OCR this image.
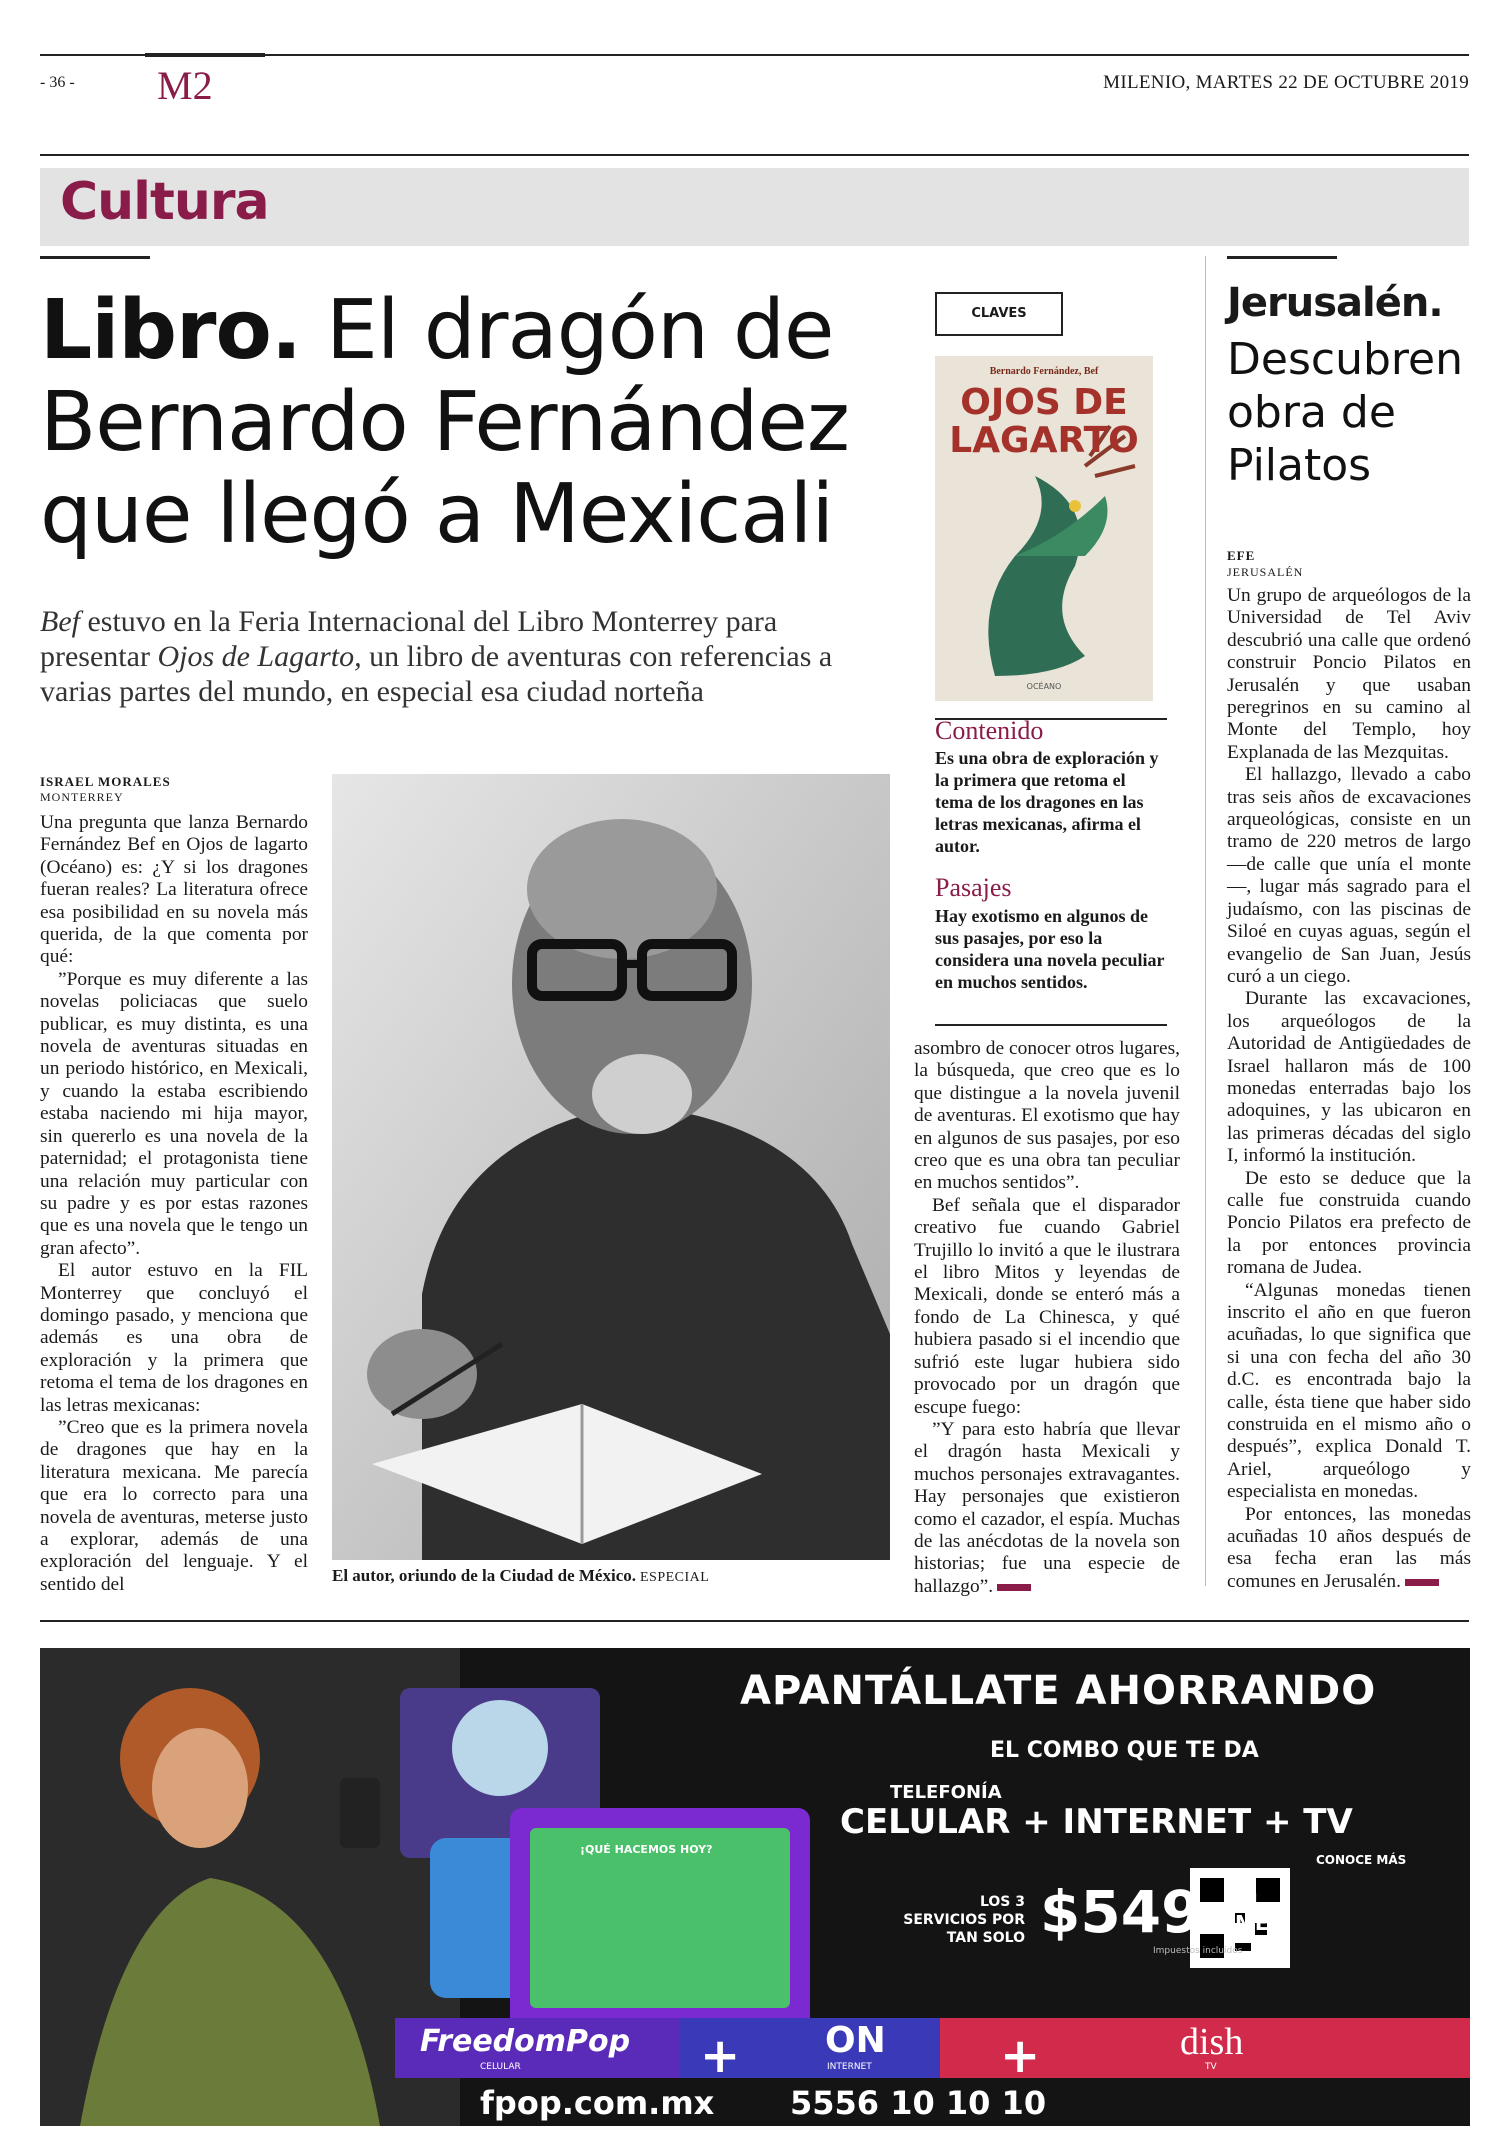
- 36 - M2	MILENIO, MARTES 22 DE OCTUBRE 2019
Cultura
Libro. El dragón de Bernardo Fernández que llegó a Mexicali
Bef estuvo en la Feria Internacional del Libro Monterrey para presentar Ojos de Lagarto, un libro de aventuras con referencias a varias partes del mundo, en especial esa ciudad norteña
ISRAEL MORALES
MONTERREY

Una pregunta que lanza Bernardo Fernández Bef en Ojos de lagarto (Océano) es: ¿Y si los dragones fueran reales? La literatura ofrece esa posibilidad en su novela más querida, de la que comenta por qué:

”Porque es muy diferente a las novelas policiacas que suelo publicar, es muy distinta, es una novela de aventuras situadas en un periodo histórico, en Mexicali, y cuando la estaba escribiendo estaba naciendo mi hija mayor, sin quererlo es una novela de la paternidad; el protagonista tiene una relación muy particular con su padre y es por estas razones que es una novela que le tengo un gran afecto”.

El autor estuvo en la FIL Monterrey que concluyó el domingo pasado, y menciona que además es una obra de exploración y la primera que retoma el tema de los dragones en las letras mexicanas:

”Creo que es la primera novela de dragones que hay en la literatura mexicana. Me parecía que era lo correcto para una novela de aventuras, meterse justo a explorar, además de una exploración del lenguaje. Y el sentido del	El autor, oriundo de la Ciudad de México. ESPECIAL
CLAVES
Bernardo Fernández, Bef
OJOS DE
LAGARTO
OCÉANO
Contenido
Es una obra de exploración y la primera que retoma el tema de los dragones en las letras mexicanas, afirma el autor.
Pasajes
Hay exotismo en algunos de sus pasajes, por eso la considera una novela peculiar en muchos sentidos.

asombro de conocer otros lugares, la búsqueda, que creo que es lo que distingue a la novela juvenil de aventuras. El exotismo que hay en algunos de sus pasajes, por eso creo que es una obra tan peculiar en muchos sentidos”.

Bef señala que el disparador creativo fue cuando Gabriel Trujillo lo invitó a que le ilustrara el libro Mitos y leyendas de Mexicali, donde se enteró más a fondo de La Chinesca, y qué hubiera pasado si el incendio que sufrió este lugar hubiera sido provocado por un dragón que escupe fuego:

”Y para esto habría que llevar el dragón hasta Mexicali y muchos personajes extravagantes. Hay personajes que existieron como el cazador, el espía. Muchas de las anécdotas de la novela son historias; fue una especie de hallazgo”.

Jerusalén.
Descubren obra de Pilatos
EFE
JERUSALÉN

Un grupo de arqueólogos de la Universidad de Tel Aviv descubrió una calle que ordenó construir Poncio Pilatos en Jerusalén y que usaban peregrinos en su camino al Monte del Templo, hoy Explanada de las Mezquitas.

El hallazgo, llevado a cabo tras seis años de excavaciones arqueológicas, consiste en un tramo de 220 metros de largo —de calle que unía el monte—, lugar más sagrado para el judaísmo, con las piscinas de Siloé en cuyas aguas, según el evangelio de San Juan, Jesús curó a un ciego.

Durante las excavaciones, los arqueólogos de la Autoridad de Antigüedades de Israel hallaron más de 100 monedas enterradas bajo los adoquines, y las ubicaron en las primeras décadas del siglo I, informó la institución.

De esto se deduce que la calle fue construida cuando Poncio Pilatos era prefecto de la por entonces provincia romana de Judea.

“Algunas monedas tienen inscrito el año en que fueron acuñadas, lo que significa que si una con fecha del año 30 d.C. es encontrada bajo la calle, ésta tiene que haber sido construida en el mismo año o después”, explica Donald T. Ariel, arqueólogo y especialista en monedas.

Por entonces, las monedas acuñadas 10 años después de esa fecha eran las más comunes en Jerusalén.

APANTÁLLATE AHORRANDO
EL COMBO QUE TE DA
TELEFONÍA
CELULAR + INTERNET + TV
CONOCE MÁS
LOS 3 SERVICIOS POR TAN SOLO $549 AL MES
Impuestos incluidos
FreedomPop
CELULAR
ON
INTERNET
dish
TV
+	+
fpop.com.mx 5556 10 10 10
¡QUÉ HACEMOS HOY?
